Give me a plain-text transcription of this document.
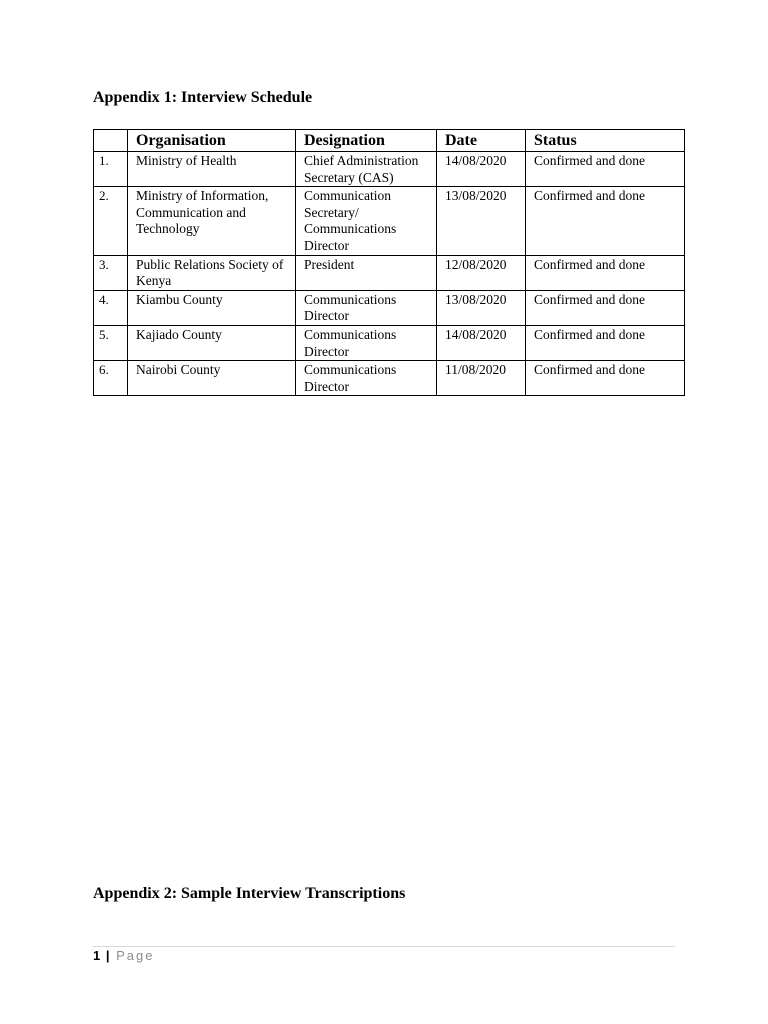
Appendix 1: Interview Schedule
	Organisation	Designation	Date	Status
1.	Ministry of Health	Chief Administration Secretary (CAS)	14/08/2020	Confirmed and done
2.	Ministry of Information, Communication and Technology	Communication Secretary/ Communications Director	13/08/2020	Confirmed and done
3.	Public Relations Society of Kenya	President	12/08/2020	Confirmed and done
4.	Kiambu County	Communications Director	13/08/2020	Confirmed and done
5.	Kajiado County	Communications Director	14/08/2020	Confirmed and done
6.	Nairobi County	Communications Director	11/08/2020	Confirmed and done
Appendix 2: Sample Interview Transcriptions
1 | Page
